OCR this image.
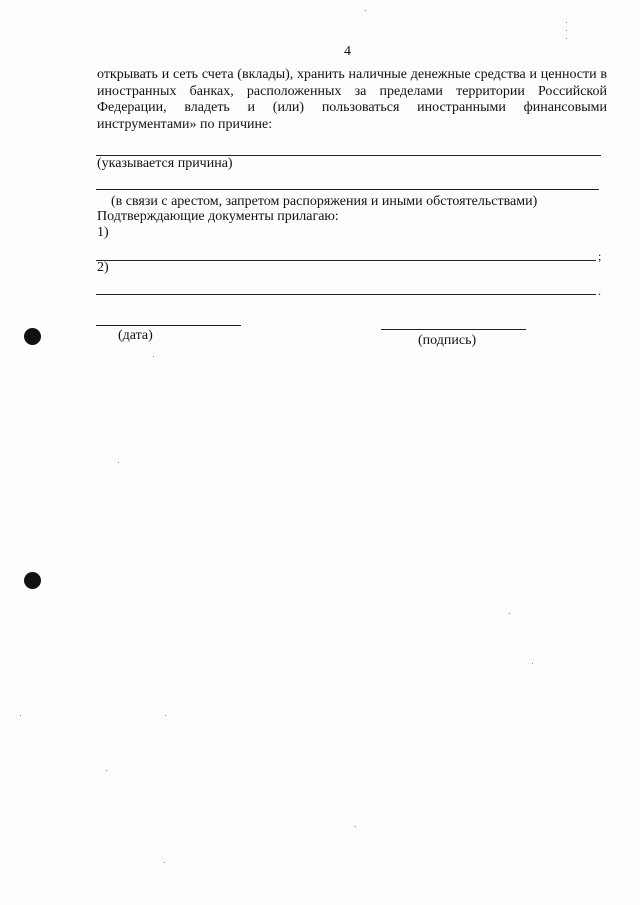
4
открывать и сеть счета (вклады), хранить наличные денежные средства и ценности в иностранных банках, расположенных за пределами территории Российской Федерации, владеть и (или) пользоваться иностранными финансовыми инструментами» по причине:
(указывается причина)
(в связи с арестом, запретом распоряжения и иными обстоятельствами)
Подтверждающие документы прилагаю:
1)
;
2)
.
(дата)	(подпись)
